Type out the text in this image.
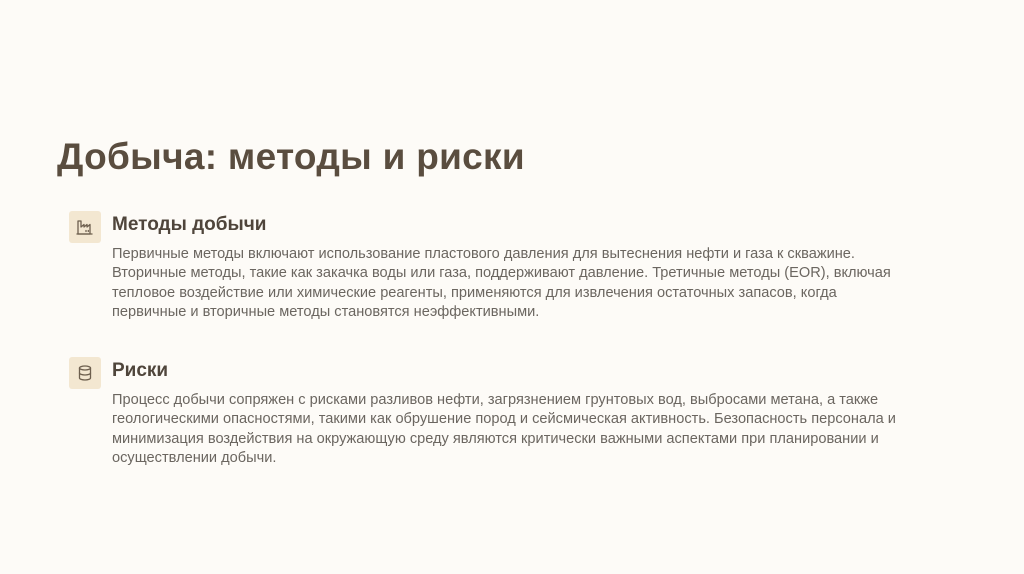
Добыча: методы и риски
Методы добычи

Первичные методы включают использование пластового давления для вытеснения нефти и газа к скважине. Вторичные методы, такие как закачка воды или газа, поддерживают давление. Третичные методы (EOR), включая тепловое воздействие или химические реагенты, применяются для извлечения остаточных запасов, когда первичные и вторичные методы становятся неэффективными.

Риски

Процесс добычи сопряжен с рисками разливов нефти, загрязнением грунтовых вод, выбросами метана, а также геологическими опасностями, такими как обрушение пород и сейсмическая активность. Безопасность персонала и минимизация воздействия на окружающую среду являются критически важными аспектами при планировании и осуществлении добычи.
